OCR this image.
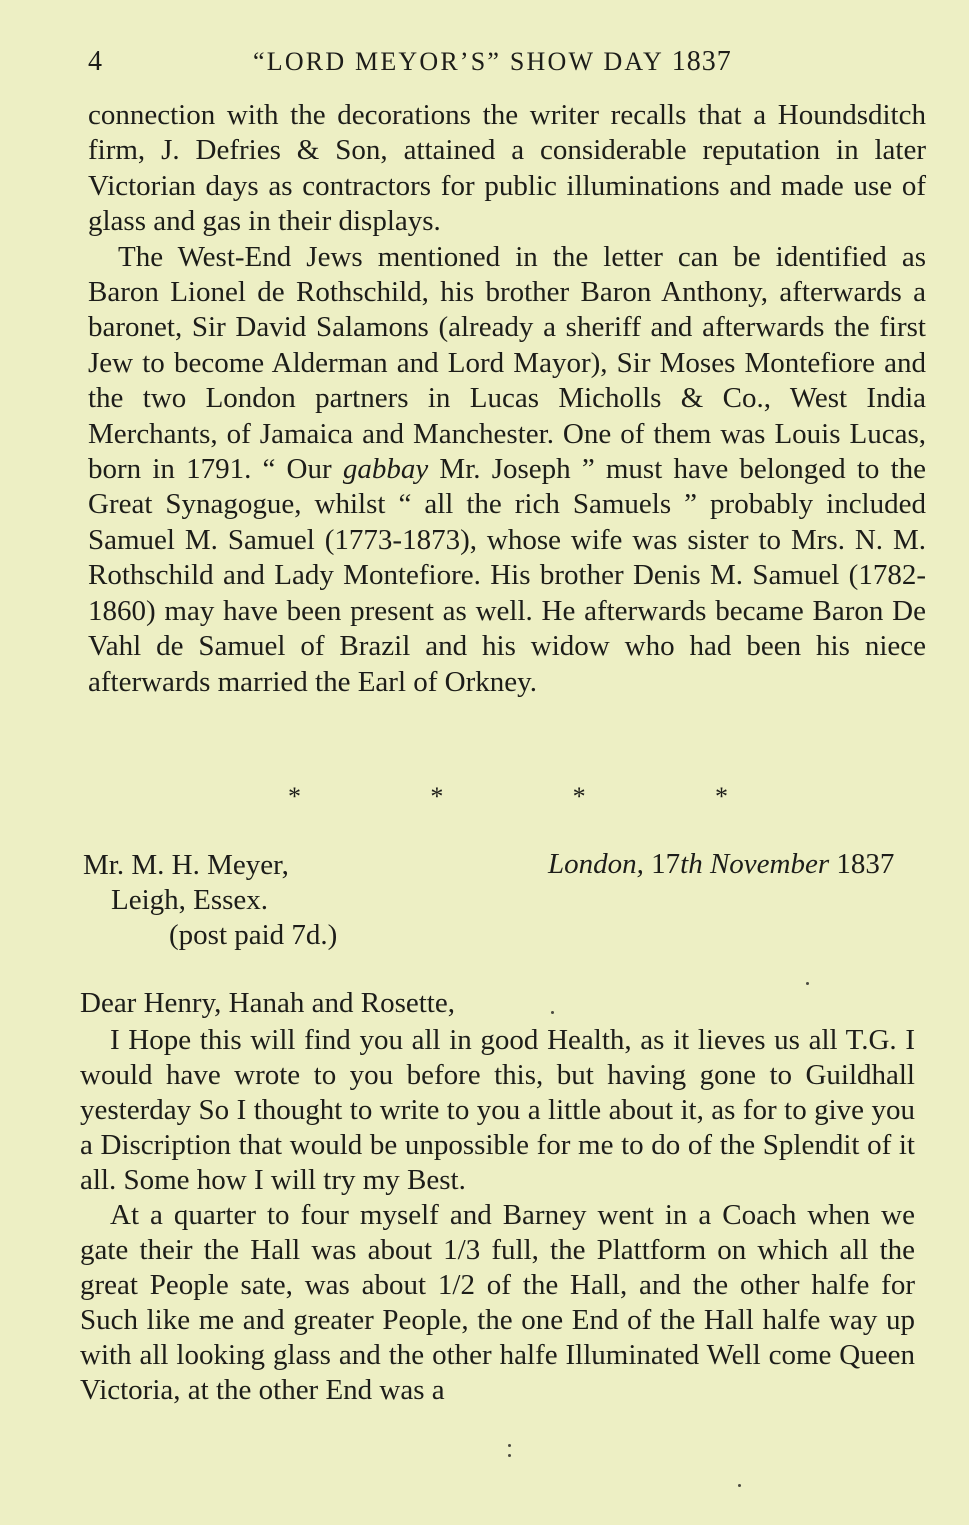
4	“LORD MEYOR’S” SHOW DAY 1837

connection with the decorations the writer recalls that a Houndsditch firm, J. Defries & Son, attained a considerable reputation in later Victorian days as contractors for public illuminations and made use of glass and gas in their displays.

The West-End Jews mentioned in the letter can be identified as Baron Lionel de Rothschild, his brother Baron Anthony, afterwards a baronet, Sir David Salamons (already a sheriff and afterwards the first Jew to become Alderman and Lord Mayor), Sir Moses Montefiore and the two London partners in Lucas Micholls & Co., West India Merchants, of Jamaica and Manchester. One of them was Louis Lucas, born in 1791. “ Our gabbay Mr. Joseph ” must have belonged to the Great Synagogue, whilst “ all the rich Samuels ” probably included Samuel M. Samuel (1773-1873), whose wife was sister to Mrs. N. M. Rothschild and Lady Montefiore. His brother Denis M. Samuel (1782-1860) may have been present as well. He afterwards became Baron De Vahl de Samuel of Brazil and his widow who had been his niece afterwards married the Earl of Orkney.

*	*	*	*
Mr. M. H. Meyer,
Leigh, Essex.
(post paid 7d.)
London, 17th November 1837
Dear Henry, Hanah and Rosette,

I Hope this will find you all in good Health, as it lieves us all T.G. I would have wrote to you before this, but having gone to Guildhall yesterday So I thought to write to you a little about it, as for to give you a Discription that would be unpossible for me to do of the Splendit of it all. Some how I will try my Best.

At a quarter to four myself and Barney went in a Coach when we gate their the Hall was about 1/3 full, the Plattform on which all the great People sate, was about 1/2 of the Hall, and the other halfe for Such like me and greater People, the one End of the Hall halfe way up with all looking glass and the other halfe Illuminated Well come Queen Victoria, at the other End was a
